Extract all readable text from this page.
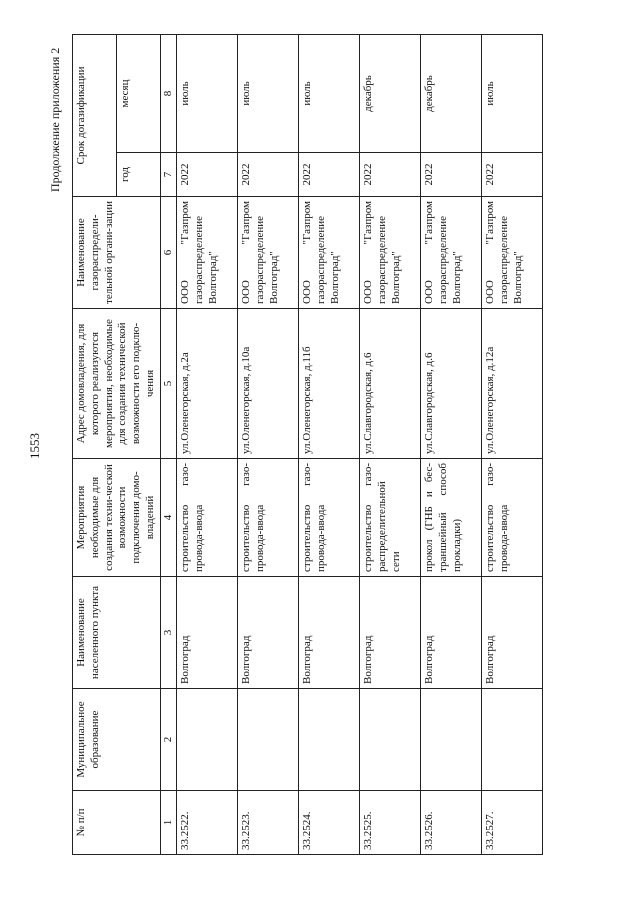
1553
Продолжение приложения 2
№ п/п	Муниципальное образование	Наименование населенного пункта	Мероприятия необходимые для создания техни-ческой возможности подключения домо-владений	Адрес домовладения, для которого реализуются мероприятия, необходимые для создания технической возможности его подклю-чения	Наименование газораспредели-тельной органи-зации	Срок догазификации	
						год	месяц
1	2	3	4	5	6	7	8
33.2522.		Волгоград	строительство газо-провода-ввода	ул.Оленегорская, д.2а	ООО "Газпром газораспределение Волгоград"	2022	июль
33.2523.		Волгоград	строительство газо-провода-ввода	ул.Оленегорская, д.10а	ООО "Газпром газораспределение Волгоград"	2022	июль
33.2524.		Волгоград	строительство газо-провода-ввода	ул.Оленегорская, д.11б	ООО "Газпром газораспределение Волгоград"	2022	июль
33.2525.		Волгоград	строительство газо-распределительной сети	ул.Славгородская, д.6	ООО "Газпром газораспределение Волгоград"	2022	декабрь
33.2526.		Волгоград	прокол (ГНБ и бес-траншейный способ прокладки)	ул.Славгородская, д.6	ООО "Газпром газораспределение Волгоград"	2022	декабрь
33.2527.		Волгоград	строительство газо-провода-ввода	ул.Оленегорская, д.12а	ООО "Газпром газораспределение Волгоград"	2022	июль
